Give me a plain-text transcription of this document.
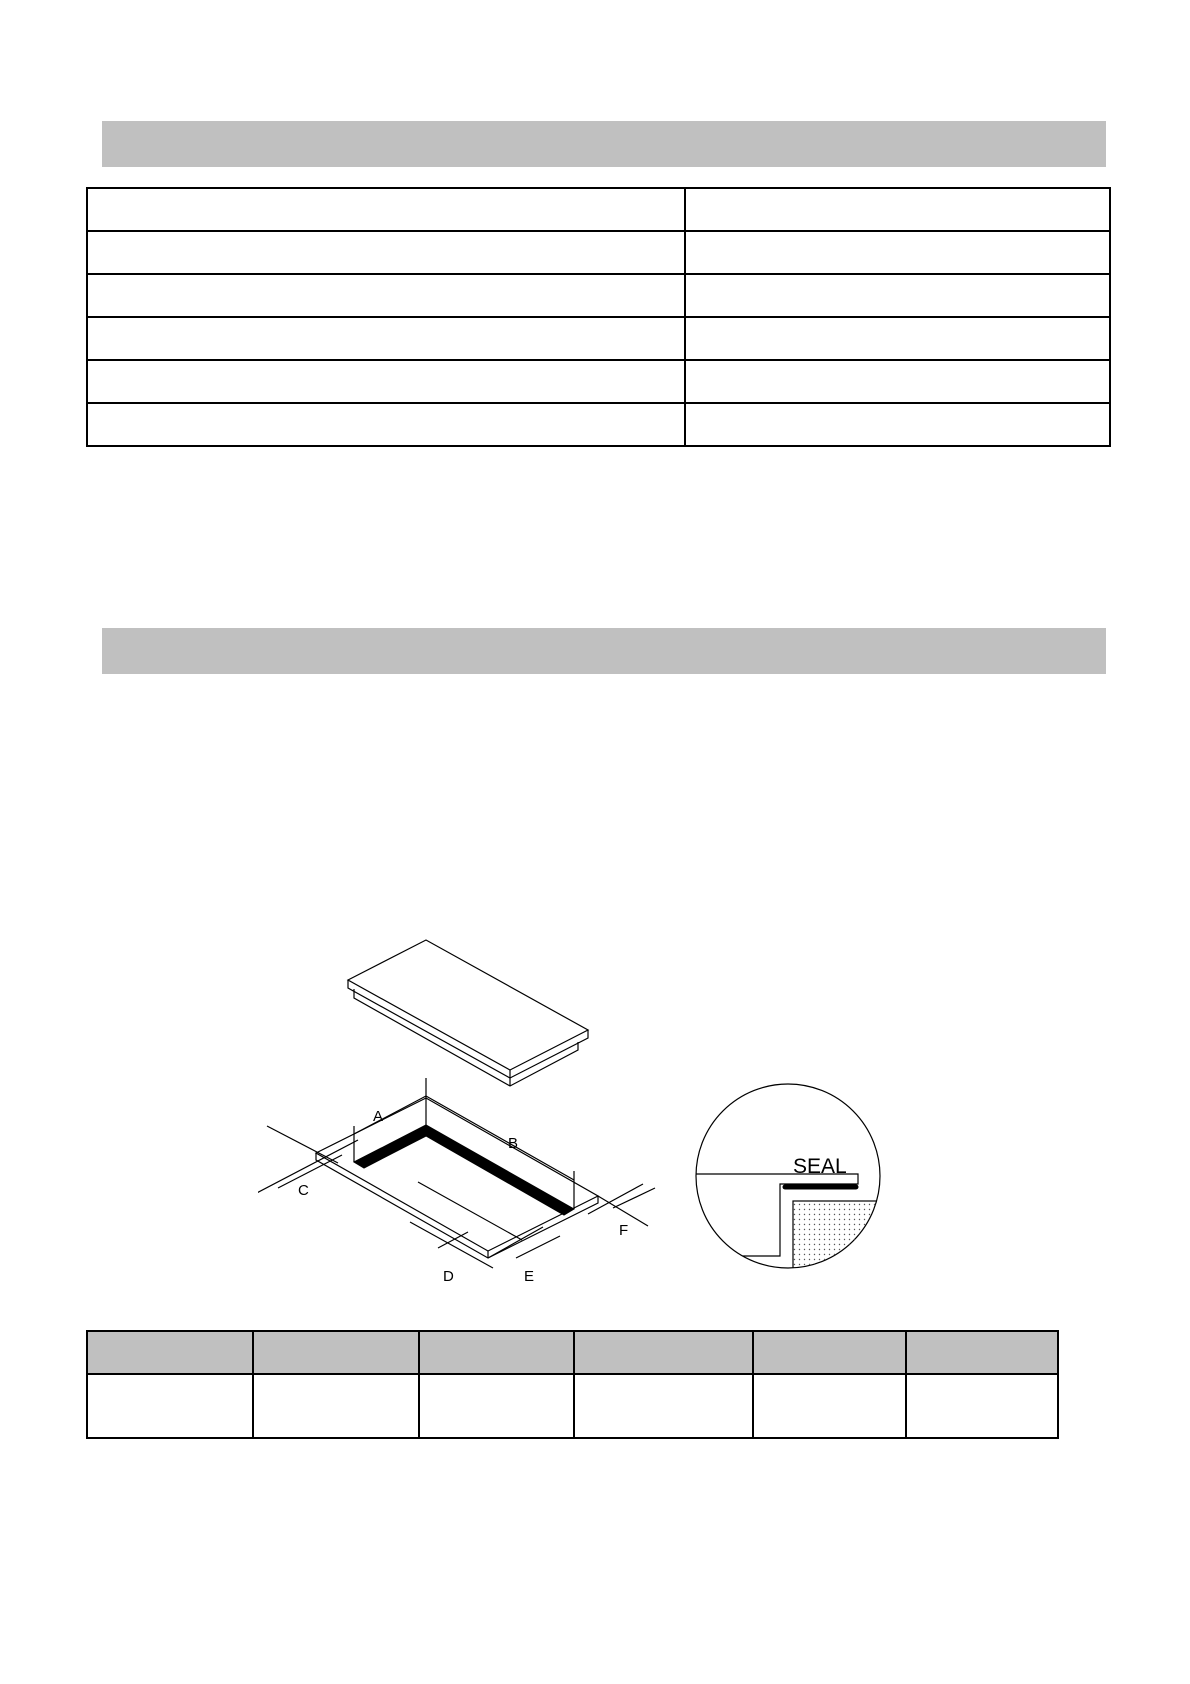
A
B
C
D	E
F
SEAL
